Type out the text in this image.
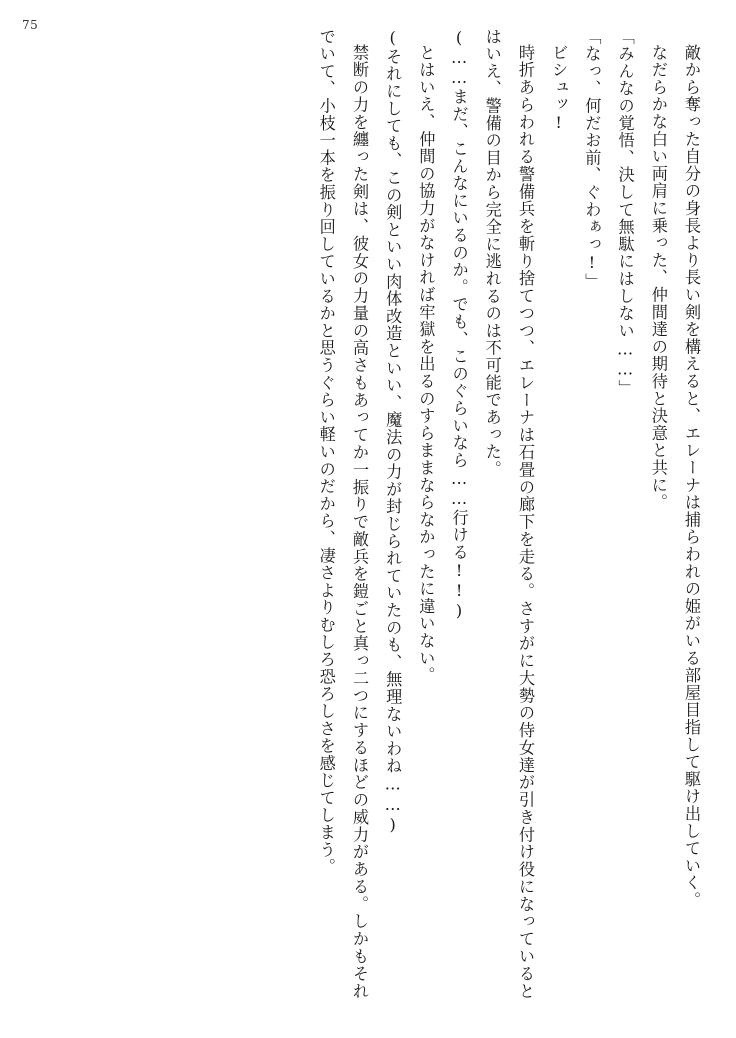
75

敵から奪った自分の身長より長い剣を構えると、エレーナは捕らわれの姫がいる部屋目指して駆け出していく。

なだらかな白い両肩に乗った、仲間達の期待と決意と共に。

「みんなの覚悟、決して無駄にはしない……」

「なっ、何だお前、ぐわぁっ!」

ビシュッ!

時折あらわれる警備兵を斬り捨てつつ、エレーナは石畳の廊下を走る。さすがに大勢の侍女達が引き付け役になっているとはいえ、警備の目から完全に逃れるのは不可能であった。

(……まだ、こんなにいるのか。でも、このぐらいなら……行ける!!)

とはいえ、仲間の協力がなければ牢獄を出るのすらままならなかったに違いない。

(それにしても、この剣といい肉体改造といい、魔法の力が封じられていたのも、無理ないわね……)

禁断の力を纏った剣は、彼女の力量の高さもあってか一振りで敵兵を鎧ごと真っ二つにするほどの威力がある。しかもそれでいて、小枝一本を振り回しているかと思うぐらい軽いのだから、凄さよりむしろ恐ろしさを感じてしまう。
